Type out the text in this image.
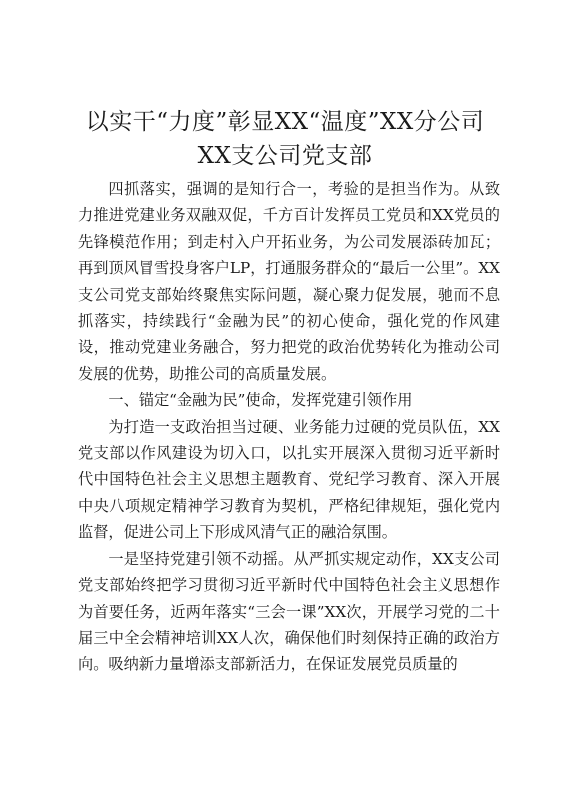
以实干“力度”彰显XX“温度”XX分公司XX支公司党支部

四抓落实，强调的是知行合一，考验的是担当作为。从致力推进党建业务双融双促，千方百计发挥员工党员和XX党员的先锋模范作用；到走村入户开拓业务，为公司发展添砖加瓦；再到顶风冒雪投身客户LP，打通服务群众的“最后一公里”。XX支公司党支部始终聚焦实际问题，凝心聚力促发展，驰而不息抓落实，持续践行“金融为民”的初心使命，强化党的作风建设，推动党建业务融合，努力把党的政治优势转化为推动公司发展的优势，助推公司的高质量发展。

一、锚定“金融为民”使命，发挥党建引领作用

为打造一支政治担当过硬、业务能力过硬的党员队伍，XX党支部以作风建设为切入口，以扎实开展深入贯彻习近平新时代中国特色社会主义思想主题教育、党纪学习教育、深入开展中央八项规定精神学习教育为契机，严格纪律规矩，强化党内监督，促进公司上下形成风清气正的融洽氛围。

一是坚持党建引领不动摇。从严抓实规定动作，XX支公司党支部始终把学习贯彻习近平新时代中国特色社会主义思想作为首要任务，近两年落实“三会一课”XX次，开展学习党的二十届三中全会精神培训XX人次，确保他们时刻保持正确的政治方向。吸纳新力量增添支部新活力，在保证发展党员质量的
